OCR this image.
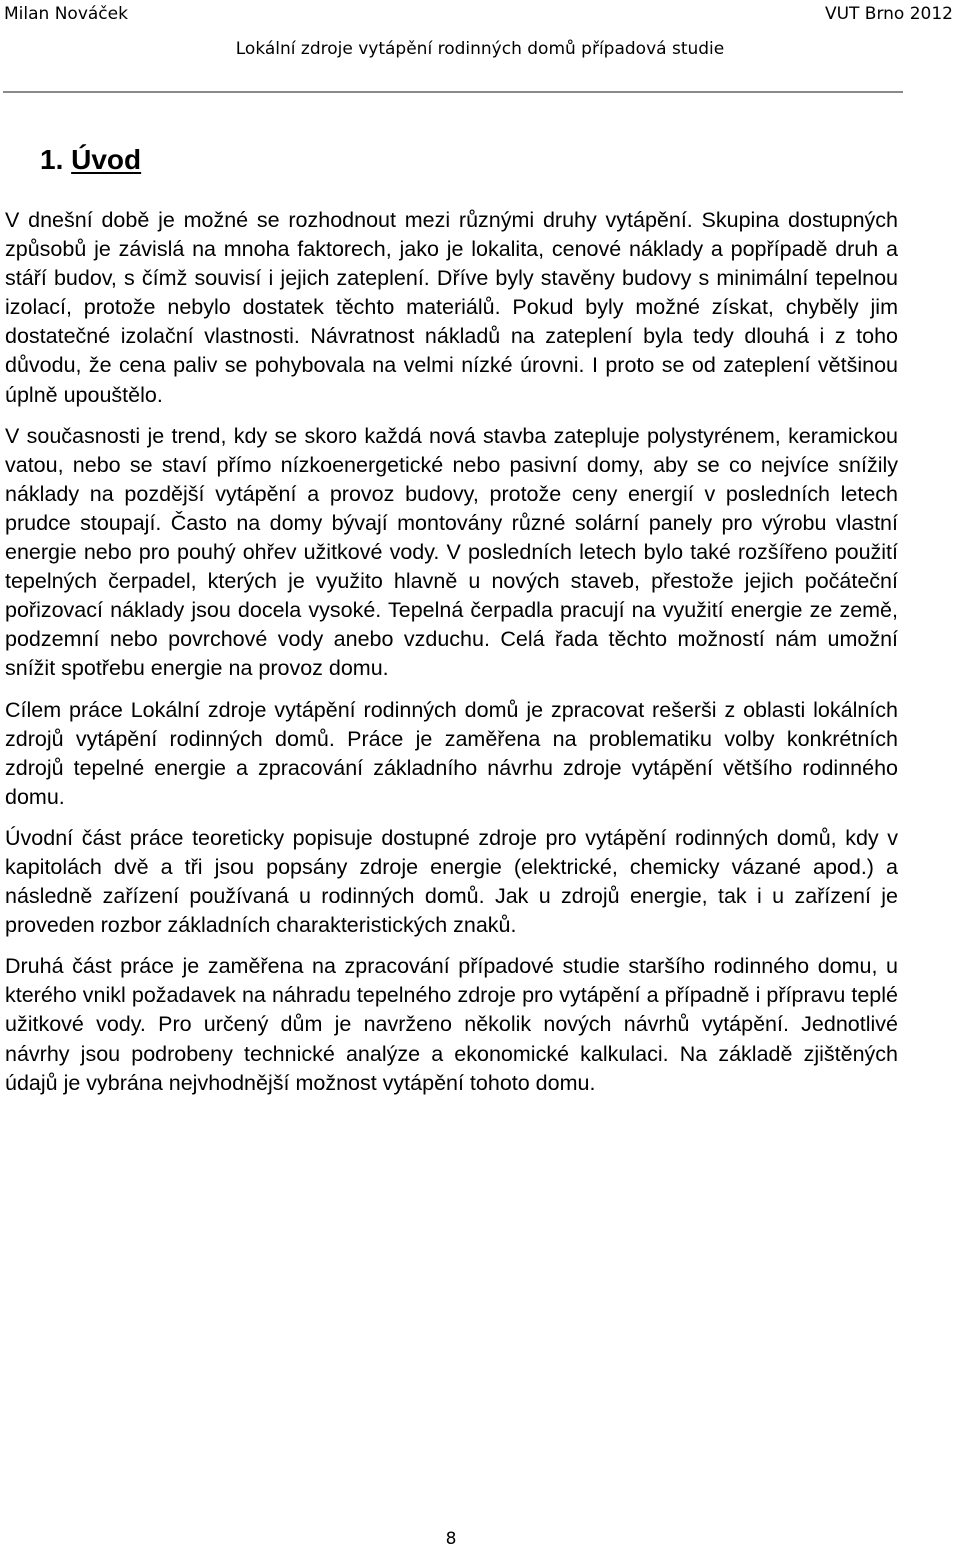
Milan Nováček	VUT Brno 2012
Lokální zdroje vytápění rodinných domů případová studie
1. Úvod

V dnešní době je možné se rozhodnout mezi různými druhy vytápění. Skupina dostupných způsobů je závislá na mnoha faktorech, jako je lokalita, cenové náklady a popřípadě druh a stáří budov, s čímž souvisí i jejich zateplení. Dříve byly stavěny budovy s minimální tepelnou izolací, protože nebylo dostatek těchto materiálů. Pokud byly možné získat, chyběly jim dostatečné izolační vlastnosti. Návratnost nákladů na zateplení byla tedy dlouhá i z toho důvodu, že cena paliv se pohybovala na velmi nízké úrovni. I proto se od zateplení většinou úplně upouštělo.

V současnosti je trend, kdy se skoro každá nová stavba zatepluje polystyrénem, keramickou vatou, nebo se staví přímo nízkoenergetické nebo pasivní domy, aby se co nejvíce snížily náklady na pozdější vytápění a provoz budovy, protože ceny energií v posledních letech prudce stoupají. Často na domy bývají montovány různé solární panely pro výrobu vlastní energie nebo pro pouhý ohřev užitkové vody. V posledních letech bylo také rozšířeno použití tepelných čerpadel, kterých je využito hlavně u nových staveb, přestože jejich počáteční pořizovací náklady jsou docela vysoké. Tepelná čerpadla pracují na využití energie ze země, podzemní nebo povrchové vody anebo vzduchu. Celá řada těchto možností nám umožní snížit spotřebu energie na provoz domu.

Cílem práce Lokální zdroje vytápění rodinných domů je zpracovat rešerši z oblasti lokálních zdrojů vytápění rodinných domů. Práce je zaměřena na problematiku volby konkrétních zdrojů tepelné energie a zpracování základního návrhu zdroje vytápění většího rodinného domu.

Úvodní část práce teoreticky popisuje dostupné zdroje pro vytápění rodinných domů, kdy v kapitolách dvě a tři jsou popsány zdroje energie (elektrické, chemicky vázané apod.) a následně zařízení používaná u rodinných domů. Jak u zdrojů energie, tak i u zařízení je proveden rozbor základních charakteristických znaků.

Druhá část práce je zaměřena na zpracování případové studie staršího rodinného domu, u kterého vnikl požadavek na náhradu tepelného zdroje pro vytápění a případně i přípravu teplé užitkové vody. Pro určený dům je navrženo několik nových návrhů vytápění. Jednotlivé návrhy jsou podrobeny technické analýze a ekonomické kalkulaci. Na základě zjištěných údajů je vybrána nejvhodnější možnost vytápění tohoto domu.

8
